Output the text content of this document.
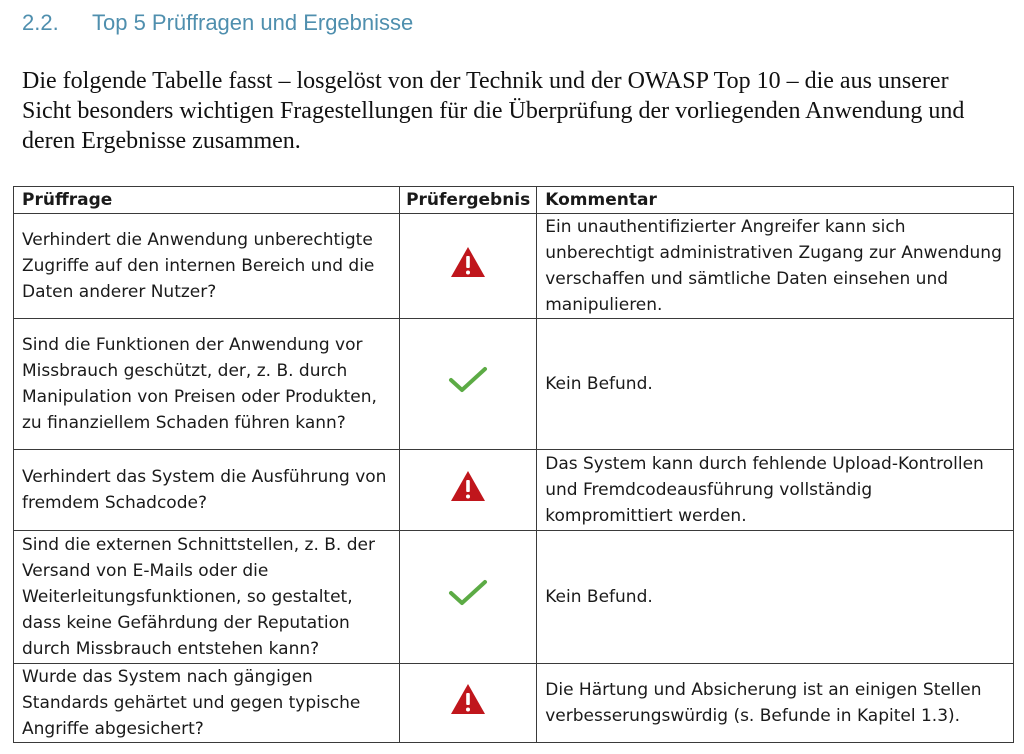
2.2.	Top 5 Prüffragen und Ergebnisse

Die folgende Tabelle fasst – losgelöst von der Technik und der OWASP Top 10 – die aus unserer Sicht besonders wichtigen Fragestellungen für die Überprüfung der vorliegenden Anwendung und deren Ergebnisse zusammen.

Prüffrage	Prüfergebnis	Kommentar
Verhindert die Anwendung unberechtigte Zugriffe auf den internen Bereich und die Daten anderer Nutzer?		Ein unauthentifizierter Angreifer kann sich unberechtigt administrativen Zugang zur Anwendung verschaffen und sämtliche Daten einsehen und manipulieren.
Sind die Funktionen der Anwendung vor Missbrauch geschützt, der, z. B. durch Manipulation von Preisen oder Produkten, zu finanziellem Schaden führen kann?		Kein Befund.
Verhindert das System die Ausführung von fremdem Schadcode?		Das System kann durch fehlende Upload-Kontrollen und Fremdcodeausführung vollständig kompromittiert werden.
Sind die externen Schnittstellen, z. B. der Versand von E-Mails oder die Weiterleitungsfunktionen, so gestaltet, dass keine Gefährdung der Reputation durch Missbrauch entstehen kann?		Kein Befund.
Wurde das System nach gängigen Standards gehärtet und gegen typische Angriffe abgesichert?		Die Härtung und Absicherung ist an einigen Stellen verbesserungswürdig (s. Befunde in Kapitel 1.3).
